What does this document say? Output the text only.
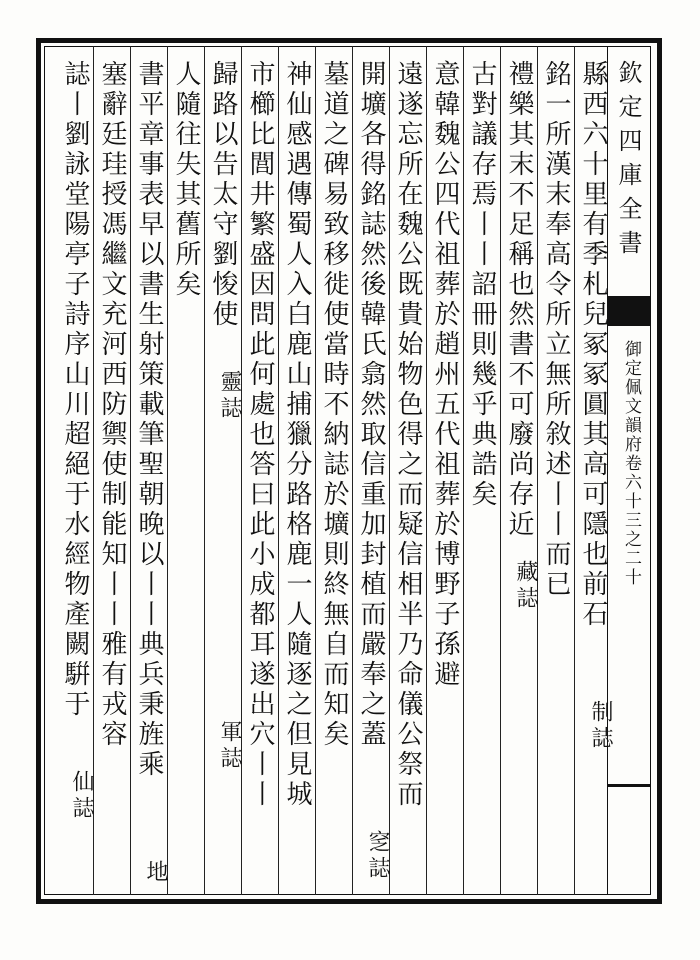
欽定四庫全書
御定佩文韻府卷六十三之二十
縣西六十里有季札兒冢冢圓其高可隱也前石
銘一所漢末奉高令所立無所敘述丨丨而已
禮樂其末不足稱也然書不可廢尚存近
古對議存焉丨丨詔冊則幾乎典誥矣
意韓魏公四代祖葬於趙州五代祖葬於博野子孫避
遠遂忘所在魏公既貴始物色得之而疑信相半乃命儀公祭而
開壙各得銘誌然後韓氏翕然取信重加封植而嚴奉之蓋
墓道之碑易致移徙使當時不納誌於壙則終無自而知矣
神仙感遇傳蜀人入白鹿山捕獵分路格鹿一人隨逐之但見城
市櫛比閭井繁盛因問此何處也答曰此小成都耳遂出穴丨丨
歸路以告太守劉悛使
人隨往失其舊所矣
書平章事表早以書生射策載筆聖朝晚以丨丨典兵秉旌乘
塞辭廷珪授馮繼文充河西防禦使制能知丨丨雅有戎容
誌丨劉詠堂陽亭子詩序山川超絕于水經物產闕騈于	藏誌
制誌
窆誌
靈誌
軍誌
地
仙誌
